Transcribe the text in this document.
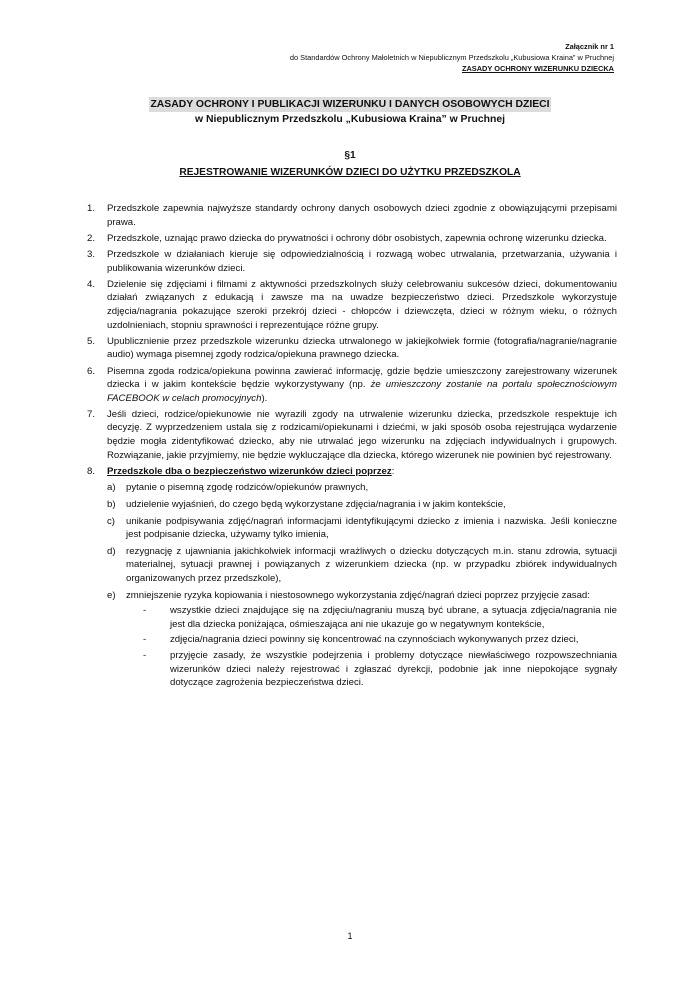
Załącznik nr 1
do Standardów Ochrony Małoletnich w Niepublicznym Przedszkolu „Kubusiowa Kraina” w Pruchnej
ZASADY OCHRONY WIZERUNKU DZIECKA
ZASADY OCHRONY I PUBLIKACJI WIZERUNKU I DANYCH OSOBOWYCH DZIECI
w Niepublicznym Przedszkolu „Kubusiowa Kraina” w Pruchnej
§1
REJESTROWANIE WIZERUNKÓW DZIECI DO UŻYTKU PRZEDSZKOLA
1. Przedszkole zapewnia najwyższe standardy ochrony danych osobowych dzieci zgodnie z obowiązującymi przepisami prawa.
2. Przedszkole, uznając prawo dziecka do prywatności i ochrony dóbr osobistych, zapewnia ochronę wizerunku dziecka.
3. Przedszkole w działaniach kieruje się odpowiedzialnością i rozwagą wobec utrwalania, przetwarzania, używania i publikowania wizerunków dzieci.
4. Dzielenie się zdjęciami i filmami z aktywności przedszkolnych służy celebrowaniu sukcesów dzieci, dokumentowaniu działań związanych z edukacją i zawsze ma na uwadze bezpieczeństwo dzieci. Przedszkole wykorzystuje zdjęcia/nagrania pokazujące szeroki przekrój dzieci - chłopców i dziewczęta, dzieci w różnym wieku, o różnych uzdolnieniach, stopniu sprawności i reprezentujące różne grupy.
5. Upublicznienie przez przedszkole wizerunku dziecka utrwalonego w jakiejkolwiek formie (fotografia/nagranie/nagranie audio) wymaga pisemnej zgody rodzica/opiekuna prawnego dziecka.
6. Pisemna zgoda rodzica/opiekuna powinna zawierać informację, gdzie będzie umieszczony zarejestrowany wizerunek dziecka i w jakim kontekście będzie wykorzystywany (np. że umieszczony zostanie na portalu społecznościowym FACEBOOK w celach promocyjnych).
7. Jeśli dzieci, rodzice/opiekunowie nie wyrazili zgody na utrwalenie wizerunku dziecka, przedszkole respektuje ich decyzję. Z wyprzedzeniem ustala się z rodzicami/opiekunami i dziećmi, w jaki sposób osoba rejestrująca wydarzenie będzie mogła zidentyfikować dziecko, aby nie utrwalać jego wizerunku na zdjęciach indywidualnych i grupowych. Rozwiązanie, jakie przyjmiemy, nie będzie wykluczające dla dziecka, którego wizerunek nie powinien być rejestrowany.
8. Przedszkole dba o bezpieczeństwo wizerunków dzieci poprzez:
a) pytanie o pisemną zgodę rodziców/opiekunów prawnych,
b) udzielenie wyjaśnień, do czego będą wykorzystane zdjęcia/nagrania i w jakim kontekście,
c) unikanie podpisywania zdjęć/nagrań informacjami identyfikującymi dziecko z imienia i nazwiska. Jeśli konieczne jest podpisanie dziecka, używamy tylko imienia,
d) rezygnację z ujawniania jakichkolwiek informacji wrażliwych o dziecku dotyczących m.in. stanu zdrowia, sytuacji materialnej, sytuacji prawnej i powiązanych z wizerunkiem dziecka (np. w przypadku zbiórek indywidualnych organizowanych przez przedszkole),
e) zmniejszenie ryzyka kopiowania i niestosownego wykorzystania zdjęć/nagrań dzieci poprzez przyjęcie zasad:
- wszystkie dzieci znajdujące się na zdjęciu/nagraniu muszą być ubrane, a sytuacja zdjęcia/nagrania nie jest dla dziecka poniżająca, ośmieszająca ani nie ukazuje go w negatywnym kontekście,
- zdjęcia/nagrania dzieci powinny się koncentrować na czynnościach wykonywanych przez dzieci,
- przyjęcie zasady, że wszystkie podejrzenia i problemy dotyczące niewłaściwego rozpowszechniania wizerunków dzieci należy rejestrować i zgłaszać dyrekcji, podobnie jak inne niepokojące sygnały dotyczące zagrożenia bezpieczeństwa dzieci.
1
